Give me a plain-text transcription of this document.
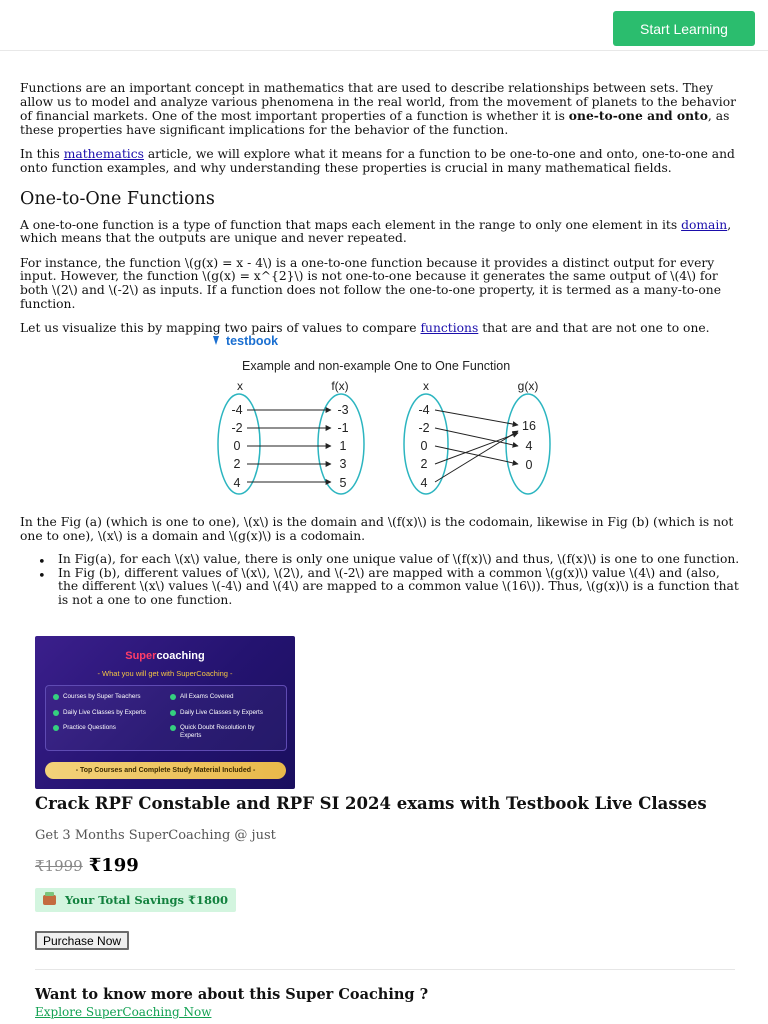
Start Learning

Functions are an important concept in mathematics that are used to describe relationships between sets. They allow us to model and analyze various phenomena in the real world, from the movement of planets to the behavior of financial markets. One of the most important properties of a function is whether it is one-to-one and onto, as these properties have significant implications for the behavior of the function.

In this mathematics article, we will explore what it means for a function to be one-to-one and onto, one-to-one and onto function examples, and why understanding these properties is crucial in many mathematical fields.

One-to-One Functions

A one-to-one function is a type of function that maps each element in the range to only one element in its domain, which means that the outputs are unique and never repeated.

For instance, the function \(g(x) = x - 4\) is a one-to-one function because it provides a distinct output for every input. However, the function \(g(x) = x^{2}\) is not one-to-one because it generates the same output of \(4\) for both \(2\) and \(-2\) as inputs. If a function does not follow the one-to-one property, it is termed as a many-to-one function.

Let us visualize this by mapping two pairs of values to compare functions that are and that are not one to one.

testbook
Example and non-example One to One Function
x	f(x)	x	g(x)
-4
-2
0
2
4
-3
-1
1
3
5
-4
-2
0
2
4
16
4
0

In the Fig (a) (which is one to one), \(x\) is the domain and \(f(x)\) is the codomain, likewise in Fig (b) (which is not one to one), \(x\) is a domain and \(g(x)\) is a codomain.

• In Fig(a), for each \(x\) value, there is only one unique value of \(f(x)\) and thus, \(f(x)\) is one to one function.
• In Fig (b), different values of \(x\), \(2\), and \(-2\) are mapped with a common \(g(x)\) value \(4\) and (also, the different \(x\) values \(-4\) and \(4\) are mapped to a common value \(16\)). Thus, \(g(x)\) is a function that is not a one to one function.
Supercoaching
- What you will get with SuperCoaching -
Courses by Super Teachers
Daily Live Classes by Experts
Practice Questions
All Exams Covered
Daily Live Classes by Experts
Quick Doubt Resolution by Experts
- Top Courses and Complete Study Material Included -
Crack RPF Constable and RPF SI 2024 exams with Testbook Live Classes
Get 3 Months SuperCoaching @ just
₹1999 ₹199
Your Total Savings ₹1800
Purchase Now
Want to know more about this Super Coaching ?
Explore SuperCoaching Now
